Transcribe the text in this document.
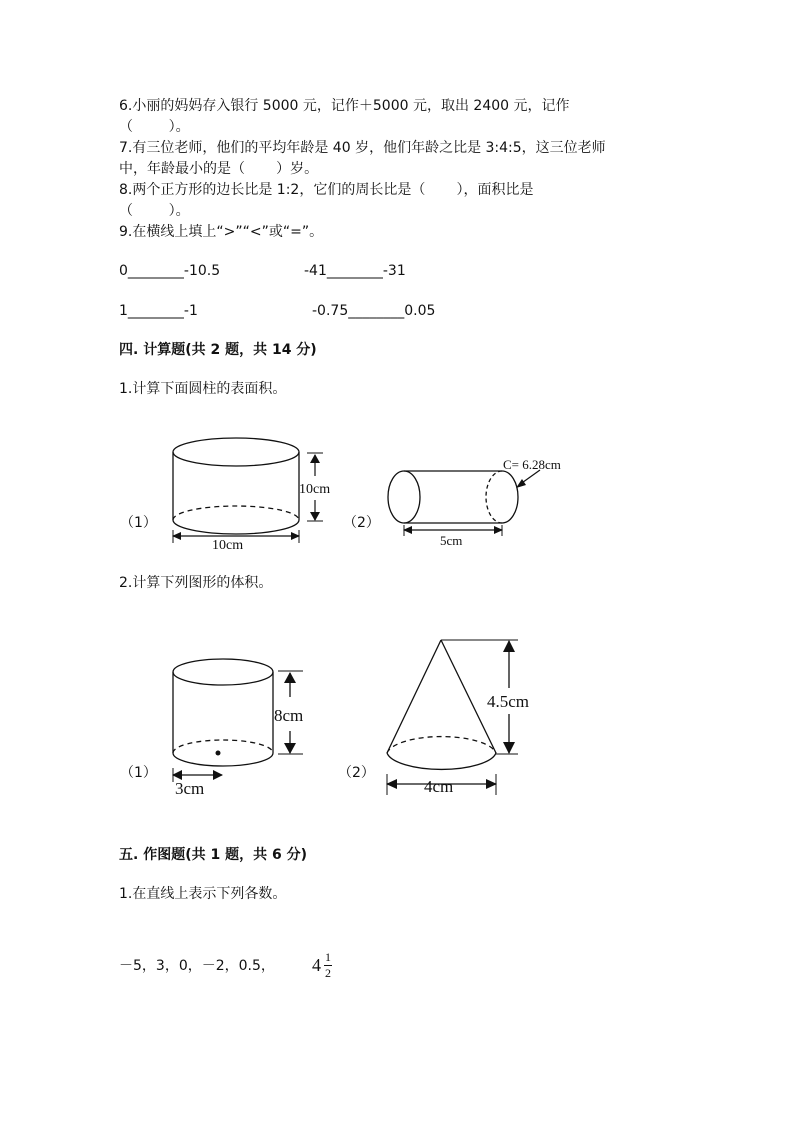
6.小丽的妈妈存入银行 5000 元，记作＋5000 元，取出 2400 元，记作
（        ）。
7.有三位老师，他们的平均年龄是 40 岁，他们年龄之比是 3:4:5，这三位老师
中，年龄最小的是（       ）岁。
8.两个正方形的边长比是 1:2，它们的周长比是（       ），面积比是
（        ）。
9.在横线上填上“>”“<”或“=”。
0________-10.5	-41________-31
1________-1	-0.75________0.05
四. 计算题(共 2 题，共 14 分)
1.计算下面圆柱的表面积。
10cm
10cm
（1）	（2）
C= 6.28cm
5cm
2.计算下列图形的体积。
8cm
3cm
（1）
4.5cm
4cm
（2）
五. 作图题(共 1 题，共 6 分)
1.在直线上表示下列各数。
－5，3，0，－2，0.5， 4 1
2
